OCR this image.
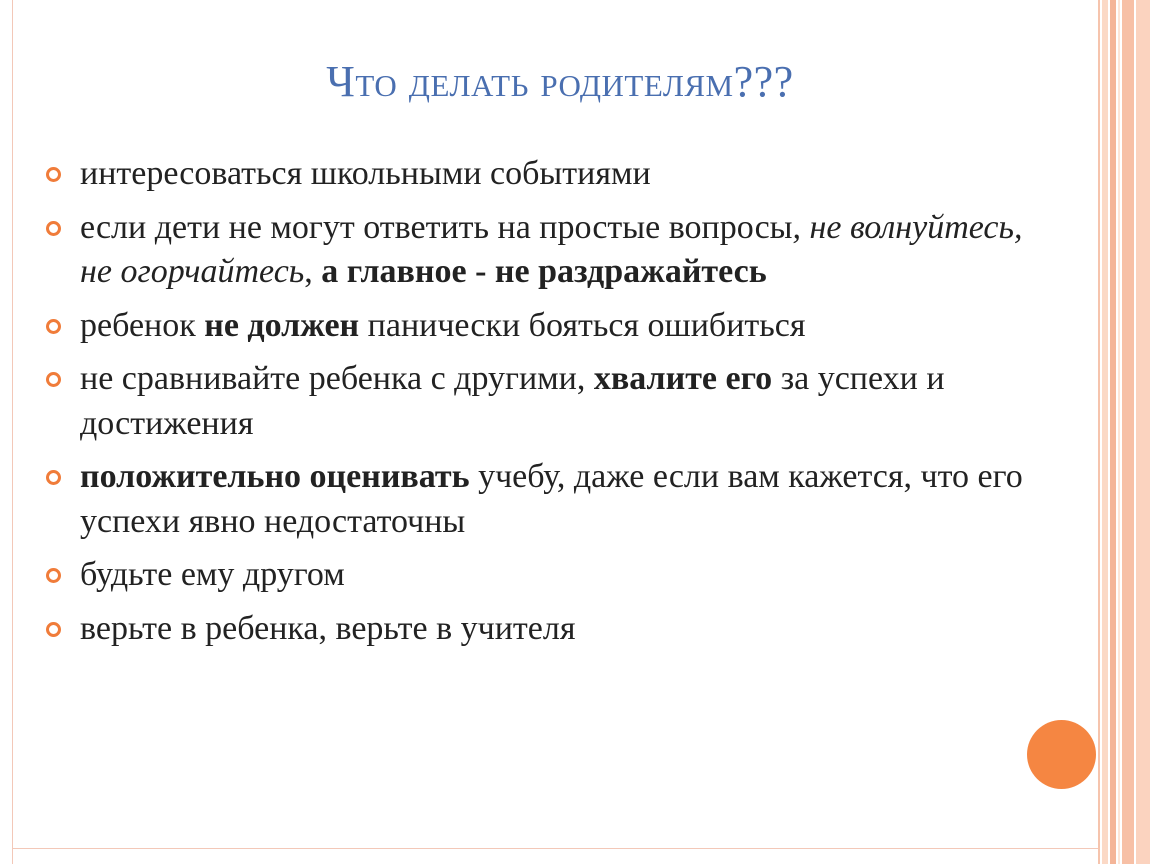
Что делать родителям???
интересоваться школьными событиями
если дети не могут ответить на простые вопросы, не волнуйтесь, не огорчайтесь, а главное - не раздражайтесь
ребенок не должен панически бояться ошибиться
не сравнивайте ребенка с другими, хвалите его за успехи и достижения
положительно оценивать учебу, даже если вам кажется, что его успехи явно недостаточны
будьте ему другом
верьте в ребенка, верьте в учителя
